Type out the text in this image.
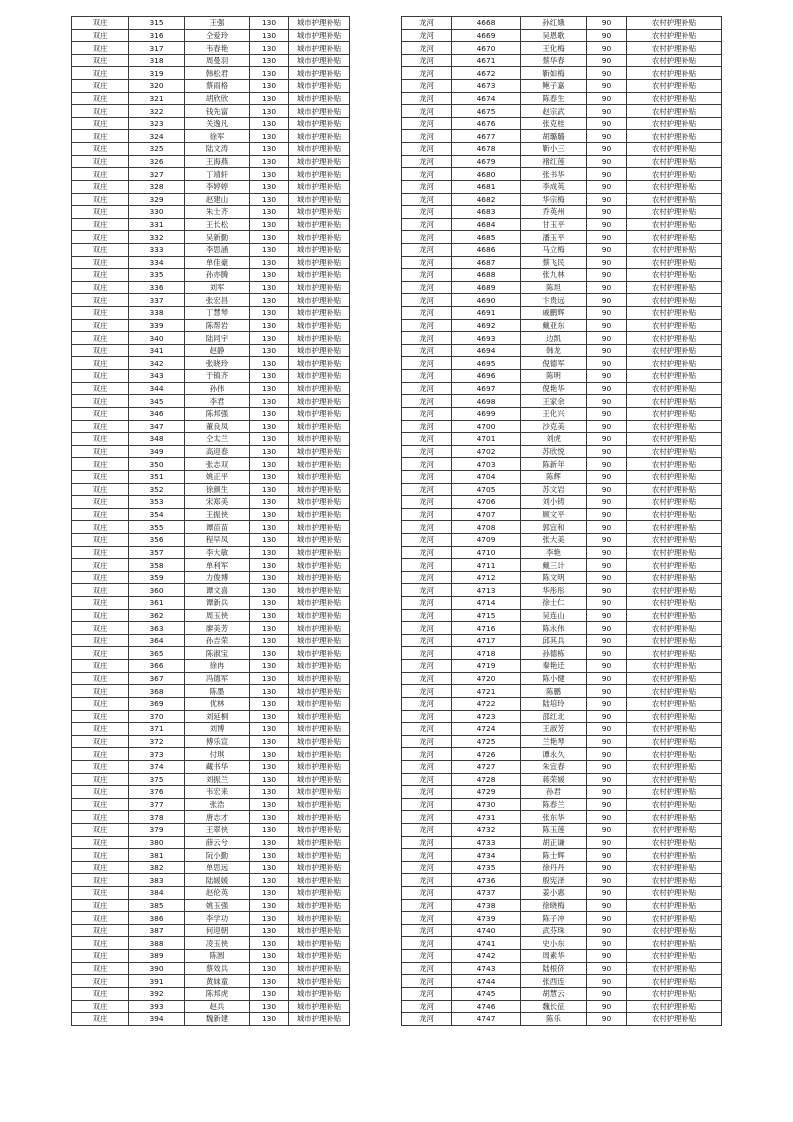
双庄	315	王强	130	城市护理补贴
双庄	316	仝爱玲	130	城市护理补贴
双庄	317	韦春艳	130	城市护理补贴
双庄	318	周曼羽	130	城市护理补贴
双庄	319	韩松君	130	城市护理补贴
双庄	320	蔡雨格	130	城市护理补贴
双庄	321	胡欣欣	130	城市护理补贴
双庄	322	钱先富	130	城市护理补贴
双庄	323	关逸凡	130	城市护理补贴
双庄	324	徐军	130	城市护理补贴
双庄	325	陆文涛	130	城市护理补贴
双庄	326	王海燕	130	城市护理补贴
双庄	327	丁靖轩	130	城市护理补贴
双庄	328	李婷婷	130	城市护理补贴
双庄	329	赵建山	130	城市护理补贴
双庄	330	朱士齐	130	城市护理补贴
双庄	331	王长松	130	城市护理补贴
双庄	332	吴新勤	130	城市护理补贴
双庄	333	李思涵	130	城市护理补贴
双庄	334	单佳豪	130	城市护理补贴
双庄	335	孙亦腾	130	城市护理补贴
双庄	336	刘军	130	城市护理补贴
双庄	337	张宏昌	130	城市护理补贴
双庄	338	丁慧琴	130	城市护理补贴
双庄	339	陈帮岩	130	城市护理补贴
双庄	340	陆同宇	130	城市护理补贴
双庄	341	赵静	130	城市护理补贴
双庄	342	张晓玲	130	城市护理补贴
双庄	343	于镇齐	130	城市护理补贴
双庄	344	孙伟	130	城市护理补贴
双庄	345	李君	130	城市护理补贴
双庄	346	陈邦强	130	城市护理补贴
双庄	347	董良凤	130	城市护理补贴
双庄	348	仝太兰	130	城市护理补贴
双庄	349	高迎春	130	城市护理补贴
双庄	350	张志双	130	城市护理补贴
双庄	351	姚正平	130	城市护理补贴
双庄	352	徐颜生	130	城市护理补贴
双庄	353	宋郑美	130	城市护理补贴
双庄	354	王振侠	130	城市护理补贴
双庄	355	谭苗苗	130	城市护理补贴
双庄	356	程早凤	130	城市护理补贴
双庄	357	李大敏	130	城市护理补贴
双庄	358	单利军	130	城市护理补贴
双庄	359	力俊博	130	城市护理补贴
双庄	360	谭文喜	130	城市护理补贴
双庄	361	谭新兵	130	城市护理补贴
双庄	362	周玉侠	130	城市护理补贴
双庄	363	廖美芳	130	城市护理补贴
双庄	364	孙吉荣	130	城市护理补贴
双庄	365	陈淑宝	130	城市护理补贴
双庄	366	徐冉	130	城市护理补贴
双庄	367	冯德军	130	城市护理补贴
双庄	368	陈墨	130	城市护理补贴
双庄	369	优林	130	城市护理补贴
双庄	370	刘延桐	130	城市护理补贴
双庄	371	刘博	130	城市护理补贴
双庄	372	傅乐宣	130	城市护理补贴
双庄	373	付琪	130	城市护理补贴
双庄	374	藏书华	130	城市护理补贴
双庄	375	刘振兰	130	城市护理补贴
双庄	376	韦宏来	130	城市护理补贴
双庄	377	张浩	130	城市护理补贴
双庄	378	唐志才	130	城市护理补贴
双庄	379	王翠侠	130	城市护理补贴
双庄	380	薛云兮	130	城市护理补贴
双庄	381	阮小勤	130	城市护理补贴
双庄	382	单思远	130	城市护理补贴
双庄	383	陆媛媛	130	城市护理补贴
双庄	384	赵伦英	130	城市护理补贴
双庄	385	姚玉强	130	城市护理补贴
双庄	386	李学功	130	城市护理补贴
双庄	387	何迎朝	130	城市护理补贴
双庄	388	凌玉侠	130	城市护理补贴
双庄	389	陈圆	130	城市护理补贴
双庄	390	蔡效兵	130	城市护理补贴
双庄	391	黄妹童	130	城市护理补贴
双庄	392	陈邦虎	130	城市护理补贴
双庄	393	赵兵	130	城市护理补贴
双庄	394	魏新建	130	城市护理补贴
龙河	4668	孙红娥	90	农村护理补贴
龙河	4669	吴恩歌	90	农村护理补贴
龙河	4670	王化梅	90	农村护理补贴
龙河	4671	蔡华春	90	农村护理补贴
龙河	4672	靳如梅	90	农村护理补贴
龙河	4673	鲍子嘉	90	农村护理补贴
龙河	4674	陈春生	90	农村护理补贴
龙河	4675	赵宗武	90	农村护理补贴
龙河	4676	张克桂	90	农村护理补贴
龙河	4677	胡璐璐	90	农村护理补贴
龙河	4678	靳小三	90	农村护理补贴
龙河	4679	褚红莲	90	农村护理补贴
龙河	4680	张书华	90	农村护理补贴
龙河	4681	李成英	90	农村护理补贴
龙河	4682	华宗梅	90	农村护理补贴
龙河	4683	乔英州	90	农村护理补贴
龙河	4684	甘玉平	90	农村护理补贴
龙河	4685	潘玉平	90	农村护理补贴
龙河	4686	马立梅	90	农村护理补贴
龙河	4687	蔡飞民	90	农村护理补贴
龙河	4688	张九林	90	农村护理补贴
龙河	4689	陈坦	90	农村护理补贴
龙河	4690	卞贵远	90	农村护理补贴
龙河	4691	戚鹏辉	90	农村护理补贴
龙河	4692	戴亚东	90	农村护理补贴
龙河	4693	边凯	90	农村护理补贴
龙河	4694	韩龙	90	农村护理补贴
龙河	4695	倪德军	90	农村护理补贴
龙河	4696	陈明	90	农村护理补贴
龙河	4697	倪艳华	90	农村护理补贴
龙河	4698	王家余	90	农村护理补贴
龙河	4699	王化兴	90	农村护理补贴
龙河	4700	沙克美	90	农村护理补贴
龙河	4701	刘虎	90	农村护理补贴
龙河	4702	苏欣悦	90	农村护理补贴
龙河	4703	陈新年	90	农村护理补贴
龙河	4704	陈辉	90	农村护理补贴
龙河	4705	苏文岩	90	农村护理补贴
龙河	4706	刘小铸	90	农村护理补贴
龙河	4707	顾文平	90	农村护理补贴
龙河	4708	郭宜和	90	农村护理补贴
龙河	4709	张大美	90	农村护理补贴
龙河	4710	李艳	90	农村护理补贴
龙河	4711	戴三计	90	农村护理补贴
龙河	4712	陈文明	90	农村护理补贴
龙河	4713	华彤彤	90	农村护理补贴
龙河	4714	徐士仁	90	农村护理补贴
龙河	4715	吴连山	90	农村护理补贴
龙河	4716	陈永伟	90	农村护理补贴
龙河	4717	邱其兵	90	农村护理补贴
龙河	4718	孙德栋	90	农村护理补贴
龙河	4719	秦艳迁	90	农村护理补贴
龙河	4720	陈小健	90	农村护理补贴
龙河	4721	陈鹏	90	农村护理补贴
龙河	4722	陆培玲	90	农村护理补贴
龙河	4723	邵红北	90	农村护理补贴
龙河	4724	王淑芳	90	农村护理补贴
龙河	4725	兰艳琴	90	农村护理补贴
龙河	4726	谭永久	90	农村护理补贴
龙河	4727	朱宜春	90	农村护理补贴
龙河	4728	蒋荣媛	90	农村护理补贴
龙河	4729	孙君	90	农村护理补贴
龙河	4730	陈春兰	90	农村护理补贴
龙河	4731	张东华	90	农村护理补贴
龙河	4732	陈玉莲	90	农村护理补贴
龙河	4733	胡正谦	90	农村护理补贴
龙河	4734	陈士辉	90	农村护理补贴
龙河	4735	徐丹丹	90	农村护理补贴
龙河	4736	殷宪泽	90	农村护理补贴
龙河	4737	姜小惠	90	农村护理补贴
龙河	4738	徐晓梅	90	农村护理补贴
龙河	4739	陈子冲	90	农村护理补贴
龙河	4740	武芬珠	90	农村护理补贴
龙河	4741	史小东	90	农村护理补贴
龙河	4742	周素华	90	农村护理补贴
龙河	4743	陆根侪	90	农村护理补贴
龙河	4744	张西连	90	农村护理补贴
龙河	4745	胡慧云	90	农村护理补贴
龙河	4746	魏长征	90	农村护理补贴
龙河	4747	陈乐	90	农村护理补贴
